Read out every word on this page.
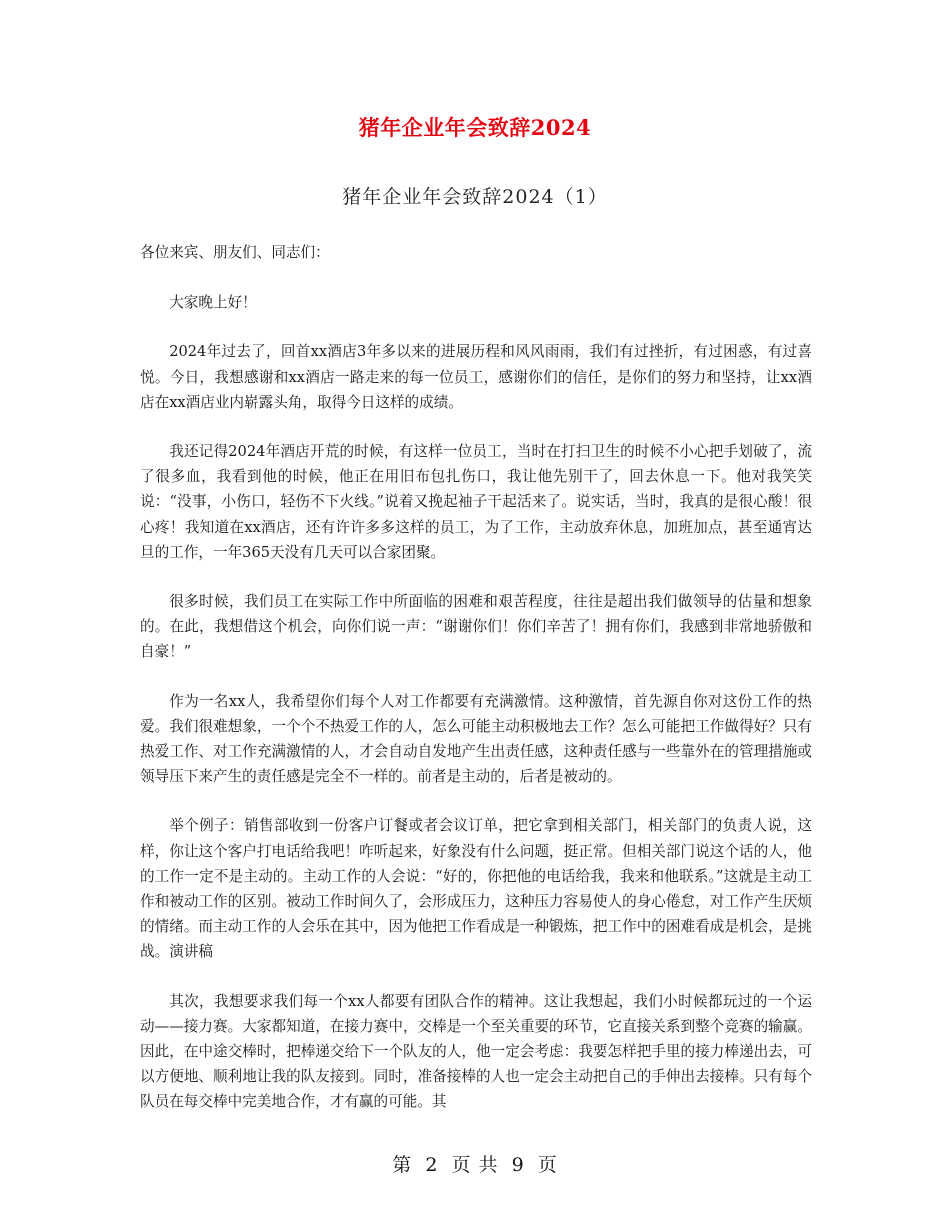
猪年企业年会致辞2024
猪年企业年会致辞2024（1）

各位来宾、朋友们、同志们：

大家晚上好！

2024年过去了，回首xx酒店3年多以来的进展历程和风风雨雨，我们有过挫折，有过困惑，有过喜悦。今日，我想感谢和xx酒店一路走来的每一位员工，感谢你们的信任，是你们的努力和坚持，让xx酒店在xx酒店业内崭露头角，取得今日这样的成绩。

我还记得2024年酒店开荒的时候，有这样一位员工，当时在打扫卫生的时候不小心把手划破了，流了很多血，我看到他的时候，他正在用旧布包扎伤口，我让他先别干了，回去休息一下。他对我笑笑说：“没事，小伤口，轻伤不下火线。”说着又挽起袖子干起活来了。说实话，当时，我真的是很心酸！很心疼！我知道在xx酒店，还有许许多多这样的员工，为了工作，主动放弃休息，加班加点，甚至通宵达旦的工作，一年365天没有几天可以合家团聚。

很多时候，我们员工在实际工作中所面临的困难和艰苦程度，往往是超出我们做领导的估量和想象的。在此，我想借这个机会，向你们说一声：“谢谢你们！你们辛苦了！拥有你们，我感到非常地骄傲和自豪！”

作为一名xx人，我希望你们每个人对工作都要有充满激情。这种激情，首先源自你对这份工作的热爱。我们很难想象，一个个不热爱工作的人，怎么可能主动积极地去工作？怎么可能把工作做得好？只有热爱工作、对工作充满激情的人，才会自动自发地产生出责任感，这种责任感与一些靠外在的管理措施或领导压下来产生的责任感是完全不一样的。前者是主动的，后者是被动的。

举个例子：销售部收到一份客户订餐或者会议订单，把它拿到相关部门，相关部门的负责人说，这样，你让这个客户打电话给我吧！咋听起来，好象没有什么问题，挺正常。但相关部门说这个话的人，他的工作一定不是主动的。主动工作的人会说：“好的，你把他的电话给我，我来和他联系。”这就是主动工作和被动工作的区别。被动工作时间久了，会形成压力，这种压力容易使人的身心倦怠，对工作产生厌烦的情绪。而主动工作的人会乐在其中，因为他把工作看成是一种锻炼，把工作中的困难看成是机会，是挑战。演讲稿

其次，我想要求我们每一个xx人都要有团队合作的精神。这让我想起，我们小时候都玩过的一个运动——接力赛。大家都知道，在接力赛中，交棒是一个至关重要的环节，它直接关系到整个竞赛的输赢。因此，在中途交棒时，把棒递交给下一个队友的人，他一定会考虑：我要怎样把手里的接力棒递出去，可以方便地、顺利地让我的队友接到。同时，准备接棒的人也一定会主动把自己的手伸出去接棒。只有每个队员在每交棒中完美地合作，才有赢的可能。其

第 2 页 共 9 页
